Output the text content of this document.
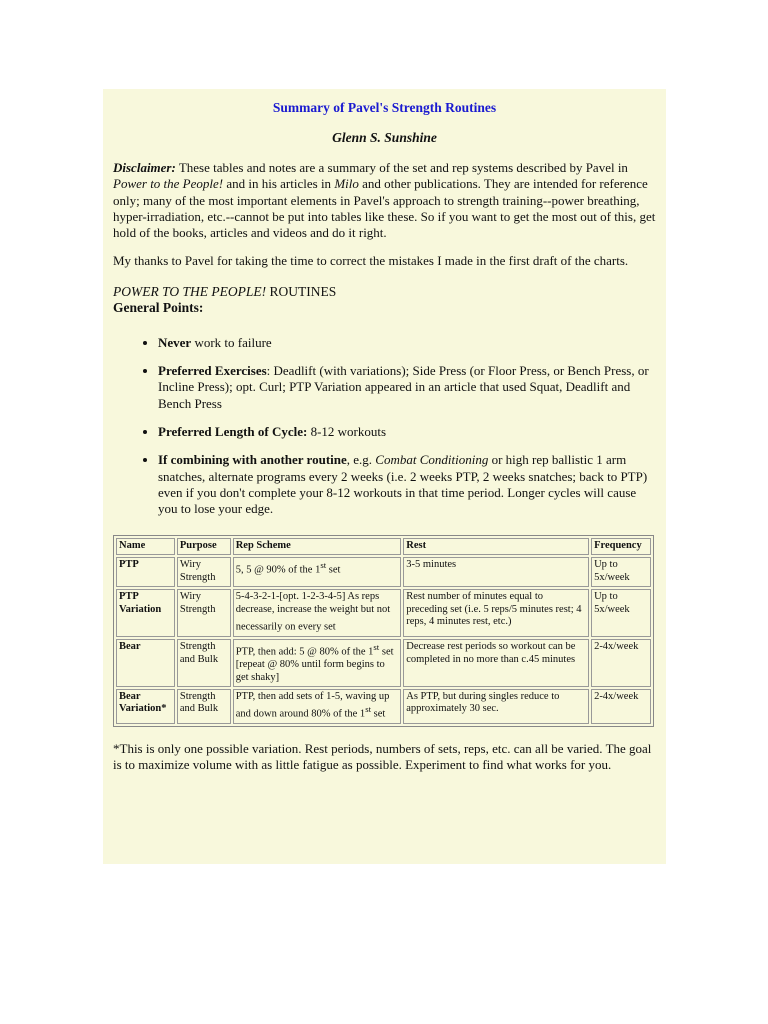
Summary of Pavel's Strength Routines
Glenn S. Sunshine

Disclaimer: These tables and notes are a summary of the set and rep systems described by Pavel in Power to the People! and in his articles in Milo and other publications. They are intended for reference only; many of the most important elements in Pavel's approach to strength training--power breathing, hyper-irradiation, etc.--cannot be put into tables like these. So if you want to get the most out of this, get hold of the books, articles and videos and do it right.

My thanks to Pavel for taking the time to correct the mistakes I made in the first draft of the charts.

POWER TO THE PEOPLE! ROUTINES
General Points:
• Never work to failure
• Preferred Exercises: Deadlift (with variations); Side Press (or Floor Press, or Bench Press, or Incline Press); opt. Curl; PTP Variation appeared in an article that used Squat, Deadlift and Bench Press
• Preferred Length of Cycle: 8-12 workouts
• If combining with another routine, e.g. Combat Conditioning or high rep ballistic 1 arm snatches, alternate programs every 2 weeks (i.e. 2 weeks PTP, 2 weeks snatches; back to PTP) even if you don't complete your 8-12 workouts in that time period. Longer cycles will cause you to lose your edge.
Name	Purpose	Rep Scheme	Rest	Frequency
PTP	Wiry Strength	5, 5 @ 90% of the 1st set	3-5 minutes	Up to 5x/week
PTP Variation	Wiry Strength	5-4-3-2-1-[opt. 1-2-3-4-5] As reps decrease, increase the weight but not necessarily on every set	Rest number of minutes equal to preceding set (i.e. 5 reps/5 minutes rest; 4 reps, 4 minutes rest, etc.)	Up to 5x/week
Bear	Strength and Bulk	PTP, then add: 5 @ 80% of the 1st set [repeat @ 80% until form begins to get shaky]	Decrease rest periods so workout can be completed in no more than c.45 minutes	2-4x/week
Bear Variation*	Strength and Bulk	PTP, then add sets of 1-5, waving up and down around 80% of the 1st set	As PTP, but during singles reduce to approximately 30 sec.	2-4x/week

*This is only one possible variation. Rest periods, numbers of sets, reps, etc. can all be varied. The goal is to maximize volume with as little fatigue as possible. Experiment to find what works for you.
